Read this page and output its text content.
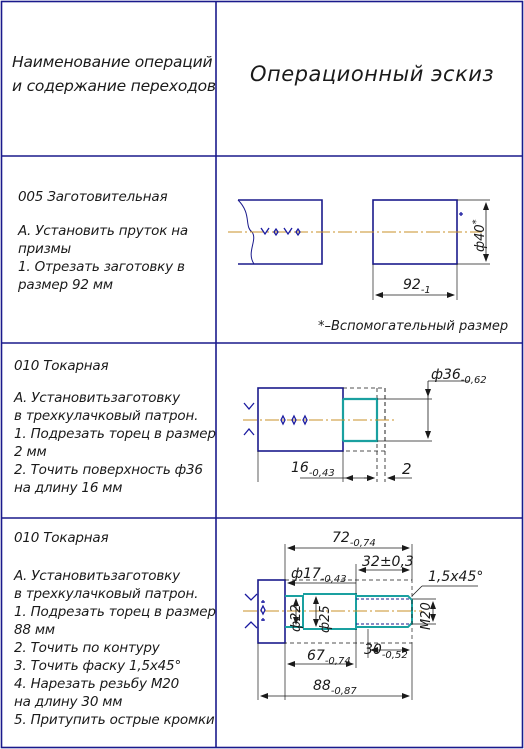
Наименование операций
и содержание переходов Операционный эскиз
005 Заготовительная
А. Установить пруток на
призмы
1. Отрезать заготовку в
размер 92 мм
010 Токарная
А. Установитьзаготовку
в трехкулачковый патрон.
1. Подрезать торец в размер
2 мм
2. Точить поверхность ф36
на длину 16 мм
010 Токарная
А. Установитьзаготовку
в трехкулачковый патрон.
1. Подрезать торец в размер
88 мм
2. Точить по контуру
3. Точить фаску 1,5х45°
4. Нарезать резьбу М20
на длину 30 мм
5. Притупить острые кромки
ф40*
$92_{-1}$
*–Вспомогательный размер
$ф36_{-0,62}$
$16_{-0,43}$	2
$72_{-0,74}$
$ф17_{-0,43}$
32±0,3
1,5х45°
ф22 ф25	М20
$67_{-0,74}$
$30_{-0,52}$
$88_{-0,87}$
